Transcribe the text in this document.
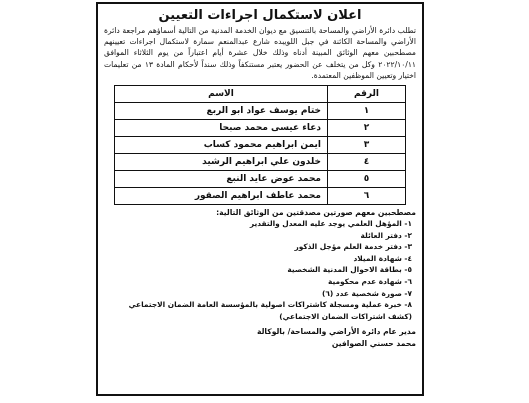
اعلان لاستكمال اجراءات التعيين

تطلب دائرة الأراضي والمساحة بالتنسيق مع ديوان الخدمة المدنية من التالية أسماؤهم مراجعة دائرة الأراضي والمساحة الكائنة في جبل اللويبده شارع عبدالمنعم سمارة لاستكمال اجراءات تعيينهم مصطحبين معهم الوثائق المبينة أدناه وذلك خلال عشرة أيام اعتباراً من يوم الثلاثاء الموافق ٢٠٢٢/١٠/١١ وكل من يتخلف عن الحضور يعتبر مستنكفاً وذلك سنداً لأحكام المادة ١٣ من تعليمات اختيار وتعيين الموظفين المعتمدة.

الرقم	الاسم
١	ختام يوسف عواد ابو الربع
٢	دعاء عيسى محمد صبحا
٣	ايمن ابراهيم محمود كساب
٤	خلدون علي ابراهيم الرشيد
٥	محمد عوض عايد النبع
٦	محمد عاطف ابراهيم الصقور

مصطحبين معهم صورتين مصدقتين من الوثائق التالية:

١- المؤهل العلمي يوجد عليه المعدل والتقدير
٢- دفتر العائلة
٣- دفتر خدمة العلم مؤجل الذكور
٤- شهادة الميلاد
٥- بطاقة الاحوال المدنية الشخصية
٦- شهادة عدم محكومية
٧- صورة شخصية عدد (٦)
٨- خبرة عملية ومسجلة كاشتراكات اصولية بالمؤسسة العامة الضمان الاجتماعي
(كشف اشتراكات الضمان الاجتماعي)
مدير عام دائرة الأراضي والمساحة/ بالوكالة
محمد حسني الصوافين
